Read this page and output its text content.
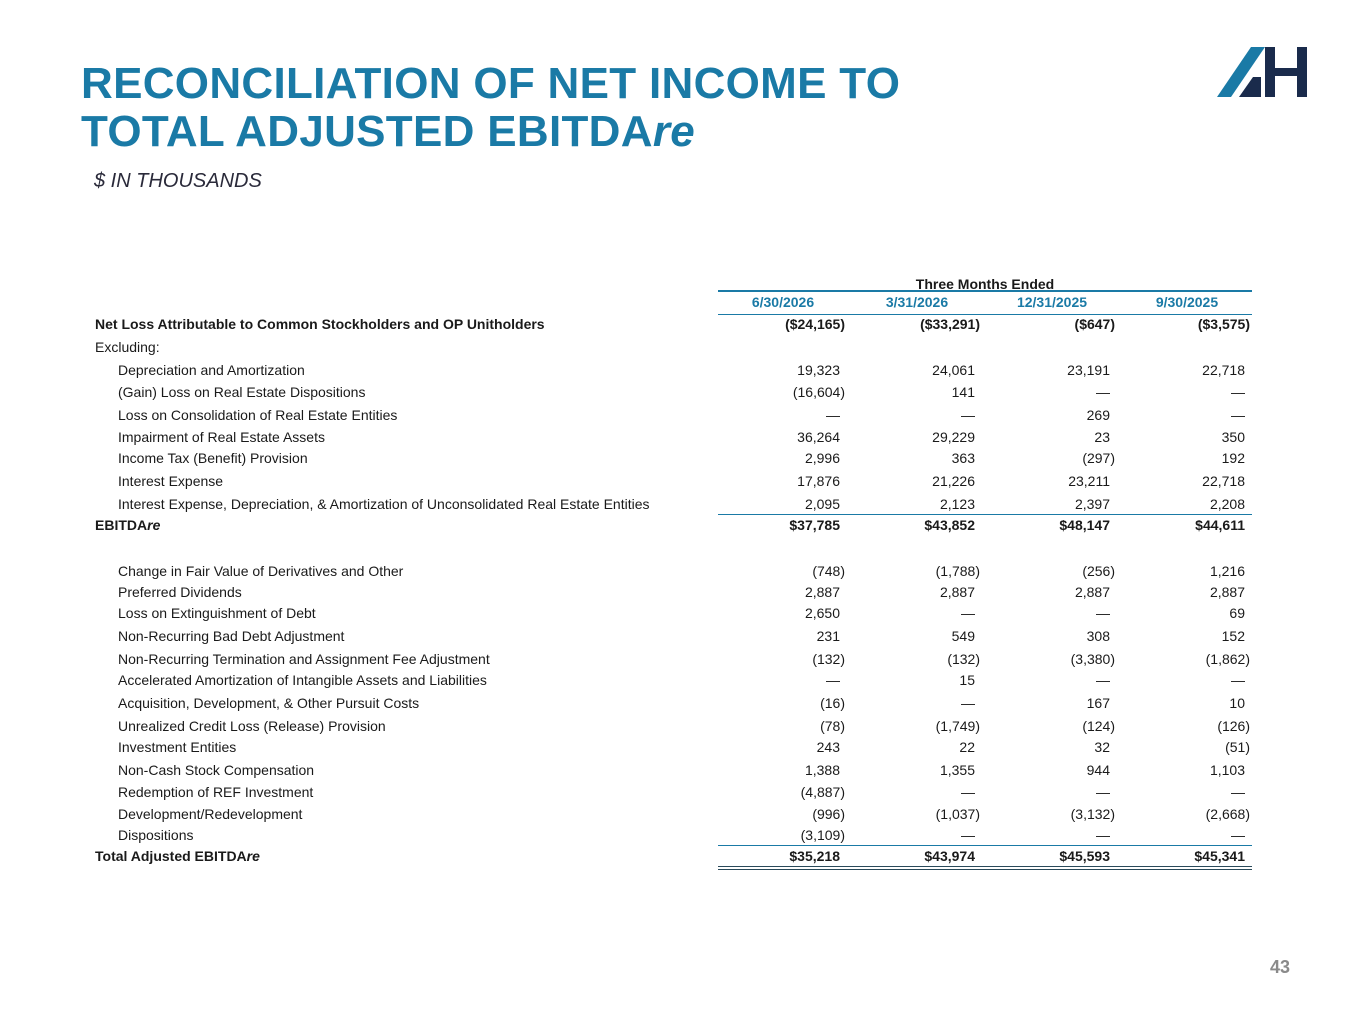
RECONCILIATION OF NET INCOME TO
TOTAL ADJUSTED EBITDAre
$ IN THOUSANDS
Three Months Ended
6/30/2026	3/31/2026	12/31/2025	9/30/2025
Net Loss Attributable to Common Stockholders and OP Unitholders	($24,165)	($33,291)	($647)	($3,575)
Excluding:
Depreciation and Amortization	19,323	24,061	23,191	22,718
(Gain) Loss on Real Estate Dispositions	(16,604)	141	—	—
Loss on Consolidation of Real Estate Entities	—	—	269	—
Impairment of Real Estate Assets	36,264	29,229	23	350
Income Tax (Benefit) Provision	2,996	363	(297)	192
Interest Expense	17,876	21,226	23,211	22,718
Interest Expense, Depreciation, & Amortization of Unconsolidated Real Estate Entities	2,095	2,123	2,397	2,208
EBITDAre	$37,785	$43,852	$48,147	$44,611
Change in Fair Value of Derivatives and Other	(748)	(1,788)	(256)	1,216
Preferred Dividends	2,887	2,887	2,887	2,887
Loss on Extinguishment of Debt	2,650	—	—	69
Non-Recurring Bad Debt Adjustment	231	549	308	152
Non-Recurring Termination and Assignment Fee Adjustment	(132)	(132)	(3,380)	(1,862)
Accelerated Amortization of Intangible Assets and Liabilities	—	15	—	—
Acquisition, Development, & Other Pursuit Costs	(16)	—	167	10
Unrealized Credit Loss (Release) Provision	(78)	(1,749)	(124)	(126)
Investment Entities	243	22	32	(51)
Non-Cash Stock Compensation	1,388	1,355	944	1,103
Redemption of REF Investment	(4,887)	—	—	—
Development/Redevelopment	(996)	(1,037)	(3,132)	(2,668)
Dispositions	(3,109)	—	—	—
Total Adjusted EBITDAre	$35,218	$43,974	$45,593	$45,341
43
